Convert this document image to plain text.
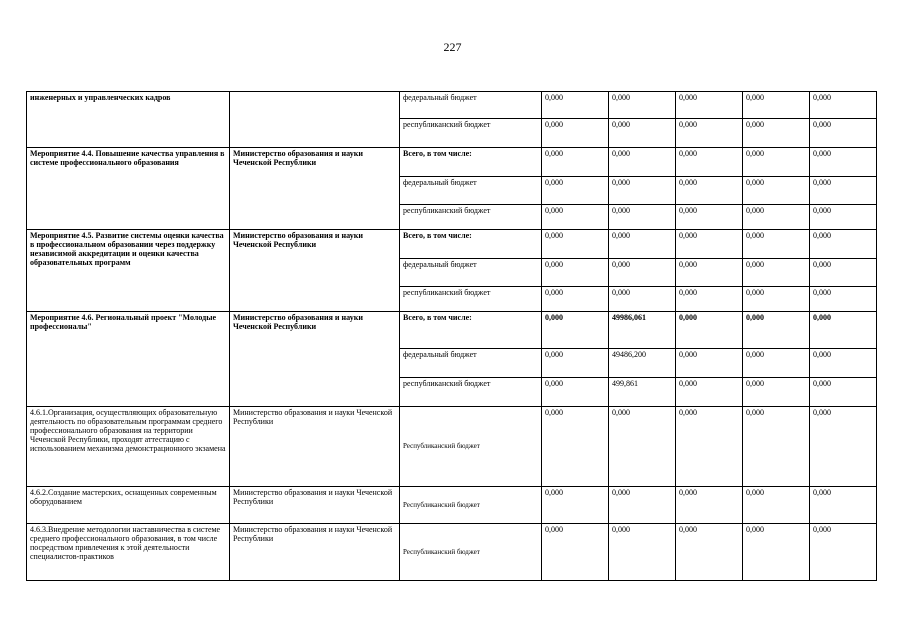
227
инженерных и управленческих кадров		федеральный бюджет	0,000	0,000	0,000	0,000	0,000
		республиканский бюджет	0,000	0,000	0,000	0,000	0,000
Мероприятие 4.4. Повышение качества управления в системе профессионального образования	Министерство образования и науки Чеченской Республики	Всего, в том числе:	0,000	0,000	0,000	0,000	0,000
		федеральный бюджет	0,000	0,000	0,000	0,000	0,000
		республиканский бюджет	0,000	0,000	0,000	0,000	0,000
Мероприятие 4.5. Развитие системы оценки качества в профессиональном образовании через поддержку независимой аккредитации и оценки качества образовательных программ	Министерство образования и науки Чеченской Республики	Всего, в том числе:	0,000	0,000	0,000	0,000	0,000
		федеральный бюджет	0,000	0,000	0,000	0,000	0,000
		республиканский бюджет	0,000	0,000	0,000	0,000	0,000
Мероприятие 4.6. Региональный проект "Молодые профессионалы"	Министерство образования и науки Чеченской Республики	Всего, в том числе:	0,000	49986,061	0,000	0,000	0,000
		федеральный бюджет	0,000	49486,200	0,000	0,000	0,000
		республиканский бюджет	0,000	499,861	0,000	0,000	0,000
4.6.1.Организация, осуществляющих образовательную деятельность по образовательным программам среднего профессионального образования на территории Чеченской Республики, проходят аттестацию с использованием механизма демонстрационного экзамена	Министерство образования и науки Чеченской Республики	Республиканский бюджет	0,000	0,000	0,000	0,000	0,000
4.6.2.Создание мастерских, оснащенных современным оборудованием	Министерство образования и науки Чеченской Республики	Республиканский бюджет	0,000	0,000	0,000	0,000	0,000
4.6.3.Внедрение методологии наставничества в системе среднего профессионального образования, в том числе посредством привлечения к этой деятельности специалистов-практиков	Министерство образования и науки Чеченской Республики	Республиканский бюджет	0,000	0,000	0,000	0,000	0,000
